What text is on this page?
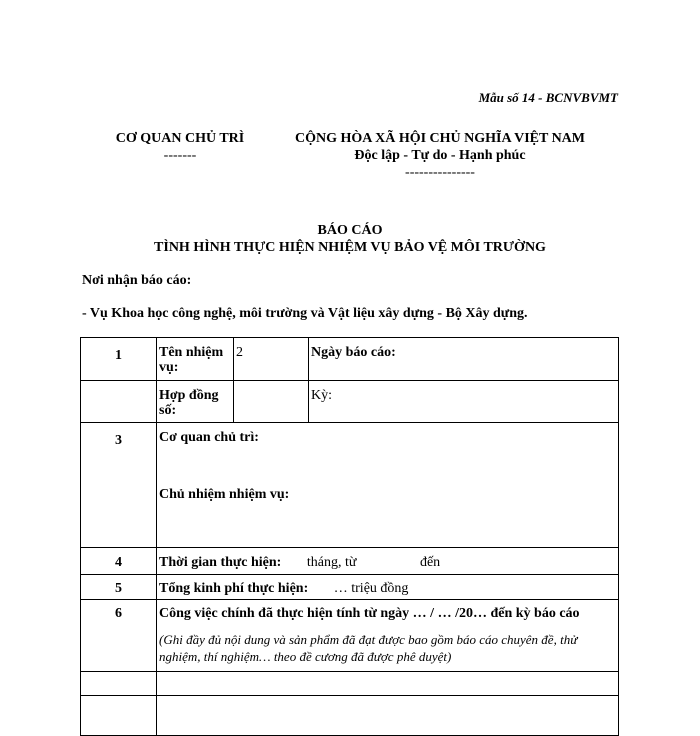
Mẫu số 14 - BCNVBVMT
CƠ QUAN CHỦ TRÌ
-------
CỘNG HÒA XÃ HỘI CHỦ NGHĨA VIỆT NAM
Độc lập - Tự do - Hạnh phúc
---------------
BÁO CÁO
TÌNH HÌNH THỰC HIỆN NHIỆM VỤ BẢO VỆ MÔI TRƯỜNG
Nơi nhận báo cáo:
- Vụ Khoa học công nghệ, môi trường và Vật liệu xây dựng - Bộ Xây dựng.
1	Tên nhiệm vụ:	2	Ngày báo cáo:
	Hợp đồng số:		Kỳ:
3	Cơ quan chủ trì:
Chủ nhiệm nhiệm vụ:		

4	Thời gian thực hiện: tháng, từ đến		
5	Tổng kinh phí thực hiện: … triệu đồng		
6	Công việc chính đã thực hiện tính từ ngày … / … /20… đến kỳ báo cáo
(Ghi đầy đủ nội dung và sản phẩm đã đạt được bao gồm báo cáo chuyên đề, thử nghiệm, thí nghiệm… theo đề cương đã được phê duyệt)		
